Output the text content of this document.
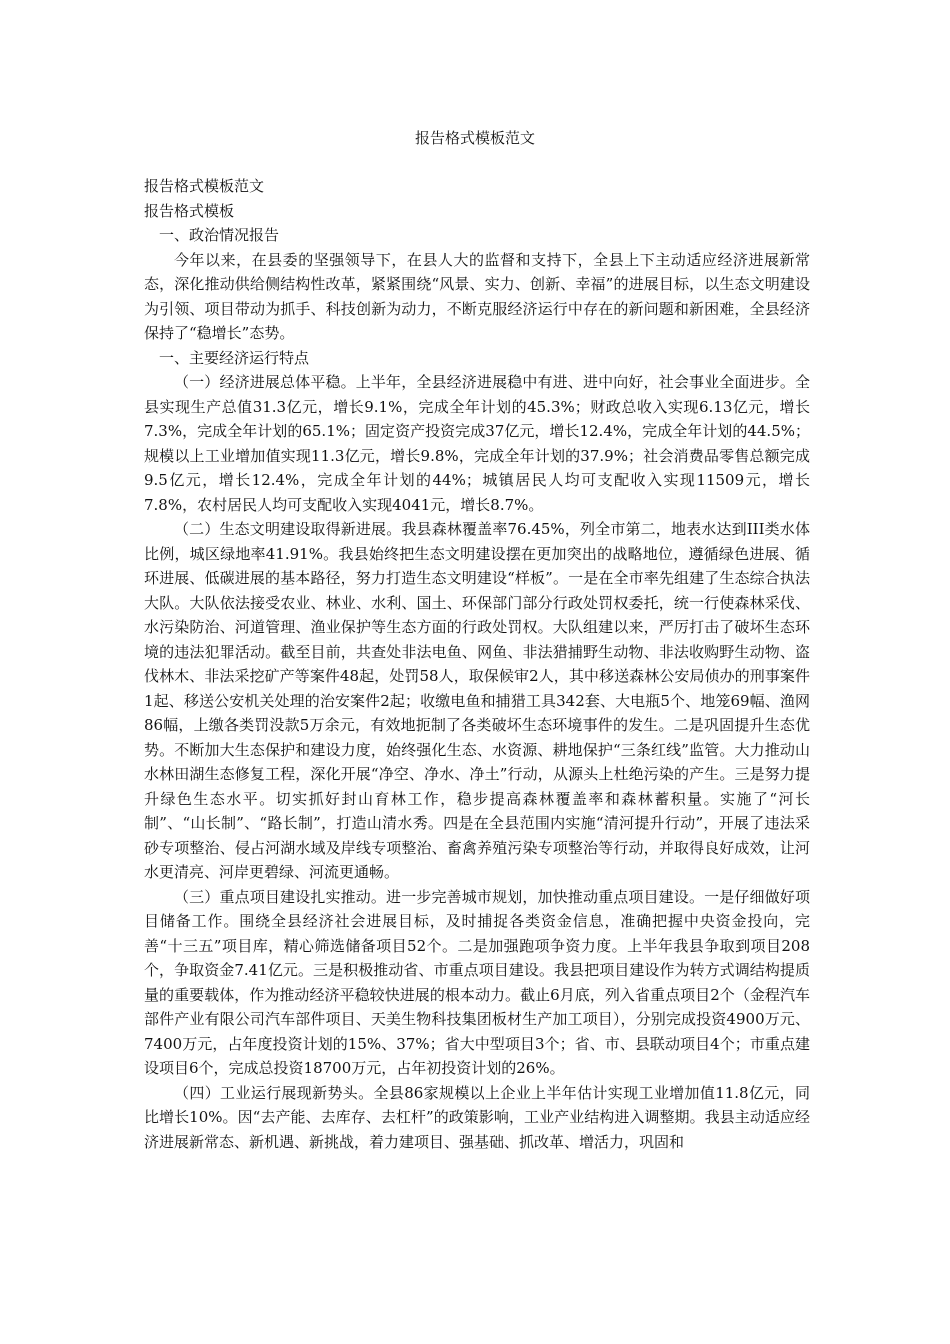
报告格式模板范文

报告格式模板范文

报告格式模板

一、政治情况报告

今年以来，在县委的坚强领导下，在县人大的监督和支持下，全县上下主动适应经济进展新常态，深化推动供给侧结构性改革，紧紧围绕“风景、实力、创新、幸福”的进展目标，以生态文明建设为引领、项目带动为抓手、科技创新为动力，不断克服经济运行中存在的新问题和新困难，全县经济保持了“稳增长”态势。

一、主要经济运行特点

（一）经济进展总体平稳。上半年，全县经济进展稳中有进、进中向好，社会事业全面进步。全县实现生产总值31.3亿元，增长9.1%，完成全年计划的45.3%；财政总收入实现6.13亿元，增长7.3%，完成全年计划的65.1%；固定资产投资完成37亿元，增长12.4%，完成全年计划的44.5%；规模以上工业增加值实现11.3亿元，增长9.8%，完成全年计划的37.9%；社会消费品零售总额完成9.5亿元，增长12.4%，完成全年计划的44%；城镇居民人均可支配收入实现11509元，增长7.8%，农村居民人均可支配收入实现4041元，增长8.7%。

（二）生态文明建设取得新进展。我县森林覆盖率76.45%，列全市第二，地表水达到III类水体比例，城区绿地率41.91%。我县始终把生态文明建设摆在更加突出的战略地位，遵循绿色进展、循环进展、低碳进展的基本路径，努力打造生态文明建设“样板”。一是在全市率先组建了生态综合执法大队。大队依法接受农业、林业、水利、国土、环保部门部分行政处罚权委托，统一行使森林采伐、水污染防治、河道管理、渔业保护等生态方面的行政处罚权。大队组建以来，严厉打击了破坏生态环境的违法犯罪活动。截至目前，共查处非法电鱼、网鱼、非法猎捕野生动物、非法收购野生动物、盗伐林木、非法采挖矿产等案件48起，处罚58人，取保候审2人，其中移送森林公安局侦办的刑事案件1起、移送公安机关处理的治安案件2起；收缴电鱼和捕猎工具342套、大电瓶5个、地笼69幅、渔网86幅，上缴各类罚没款5万余元，有效地扼制了各类破坏生态环境事件的发生。二是巩固提升生态优势。不断加大生态保护和建设力度，始终强化生态、水资源、耕地保护“三条红线”监管。大力推动山水林田湖生态修复工程，深化开展“净空、净水、净土”行动，从源头上杜绝污染的产生。三是努力提升绿色生态水平。切实抓好封山育林工作，稳步提高森林覆盖率和森林蓄积量。实施了“河长制”、“山长制”、“路长制”，打造山清水秀。四是在全县范围内实施“清河提升行动”，开展了违法采砂专项整治、侵占河湖水域及岸线专项整治、畜禽养殖污染专项整治等行动，并取得良好成效，让河水更清亮、河岸更碧绿、河流更通畅。

（三）重点项目建设扎实推动。进一步完善城市规划，加快推动重点项目建设。一是仔细做好项目储备工作。围绕全县经济社会进展目标，及时捕捉各类资金信息，准确把握中央资金投向，完善“十三五”项目库，精心筛选储备项目52个。二是加强跑项争资力度。上半年我县争取到项目208个，争取资金7.41亿元。三是积极推动省、市重点项目建设。我县把项目建设作为转方式调结构提质量的重要载体，作为推动经济平稳较快进展的根本动力。截止6月底，列入省重点项目2个（金程汽车部件产业有限公司汽车部件项目、天美生物科技集团板材生产加工项目），分别完成投资4900万元、7400万元，占年度投资计划的15%、37%；省大中型项目3个；省、市、县联动项目4个；市重点建设项目6个，完成总投资18700万元，占年初投资计划的26%。

（四）工业运行展现新势头。全县86家规模以上企业上半年估计实现工业增加值11.8亿元，同比增长10%。因“去产能、去库存、去杠杆”的政策影响，工业产业结构进入调整期。我县主动适应经济进展新常态、新机遇、新挑战，着力建项目、强基础、抓改革、增活力，巩固和
